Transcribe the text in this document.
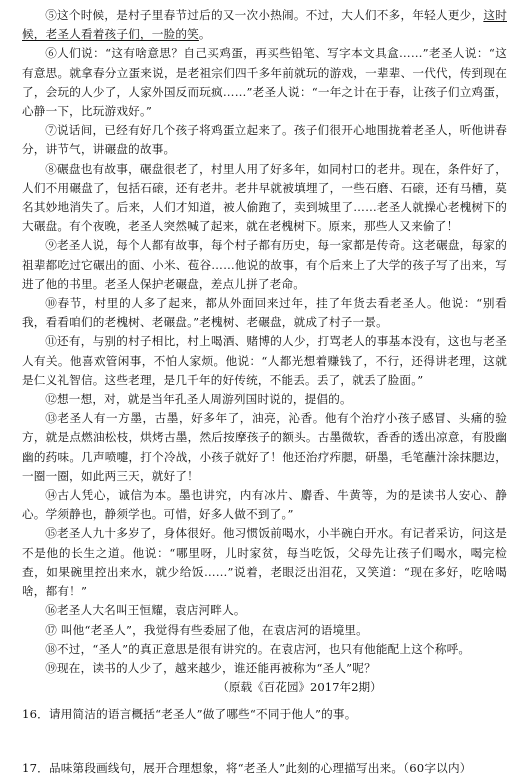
⑤这个时候，是村子里春节过后的又一次小热闹。不过，大人们不多，年轻人更少，这时候，老圣人看着孩子们，一脸的笑。

⑥人们说：“这有啥意思？自己买鸡蛋，再买些铅笔、写字本文具盒……”老圣人说：“这有意思。就拿春分立蛋来说，是老祖宗们四千多年前就玩的游戏，一辈辈、一代代，传到现在了，会玩的人少了，人家外国反而玩疯……”老圣人说：“一年之计在于春，让孩子们立鸡蛋，心静一下，比玩游戏好。”

⑦说话间，已经有好几个孩子将鸡蛋立起来了。孩子们很开心地围拢着老圣人，听他讲春分，讲节气，讲碾盘的故事。

⑧碾盘也有故事，碾盘很老了，村里人用了好多年，如同村口的老井。现在，条件好了，人们不用碾盘了，包括石磙，还有老井。老井早就被填埋了，一些石磨、石磙，还有马槽，莫名其妙地消失了。后来，人们才知道，被人偷跑了，卖到城里了……老圣人就操心老槐树下的大碾盘。有个夜晚，老圣人突然喊了起来，就在老槐树下。原来，那些人又来偷了！

⑨老圣人说，每个人都有故事，每个村子都有历史，每一家都是传奇。这老碾盘，每家的祖辈都吃过它碾出的面、小米、苞谷……他说的故事，有个后来上了大学的孩子写了出来，写进了他的书里。老圣人保护老碾盘，差点儿拼了老命。

⑩春节，村里的人多了起来，都从外面回来过年，挂了年货去看老圣人。他说：“别看我，看看咱们的老槐树、老碾盘。”老槐树、老碾盘，就成了村子一景。

⑪还有，与别的村子相比，村上喝酒、赌博的人少，打骂老人的事基本没有，这也与老圣人有关。他喜欢管闲事，不怕人家烦。他说：“人都光想着赚钱了，不行，还得讲老理，这就是仁义礼智信。这些老理，是几千年的好传统，不能丢。丢了，就丢了脸面。”

⑫想一想，对，就是当年孔圣人周游列国时说的，提倡的。

⑬老圣人有一方墨，古墨，好多年了，油亮，沁香。他有个治疗小孩子感冒、头痛的验方，就是点燃油松枝，烘烤古墨，然后按摩孩子的额头。古墨微软，香香的透出凉意，有股幽幽的药味。几声喷嚏，打个冷战，小孩子就好了！他还治疗痄腮，研墨，毛笔蘸汁涂抹腮边，一圈一圈，如此两三天，就好了！

⑭古人凭心，诚信为本。墨也讲究，内有冰片、麝香、牛黄等，为的是读书人安心、静心。学须静也，静须学也。可惜，好多人做不到了。”

⑮老圣人九十多岁了，身体很好。他习惯饭前喝水，小半碗白开水。有记者采访，问这是不是他的长生之道。他说：“哪里呀，儿时家贫，每当吃饭，父母先让孩子们喝水，喝完检查，如果碗里控出来水，就少给饭……”说着，老眼泛出泪花，又笑道：“现在多好，吃啥喝啥，都有！”

⑯老圣人大名叫王恒耀，袁店河畔人。

⑰ 叫他“老圣人”，我觉得有些委屈了他，在袁店河的语境里。

⑱不过，“圣人”的真正意思是很有讲究的。在袁店河，也只有他能配上这个称呼。

⑲现在，读书的人少了，越来越少，谁还能再被称为“圣人”呢？

（原载《百花园》2017年2期）

16．请用简洁的语言概括“老圣人”做了哪些“不同于他人”的事。

17．品味第段画线句，展开合理想象，将“老圣人”此刻的心理描写出来。（60字以内）
